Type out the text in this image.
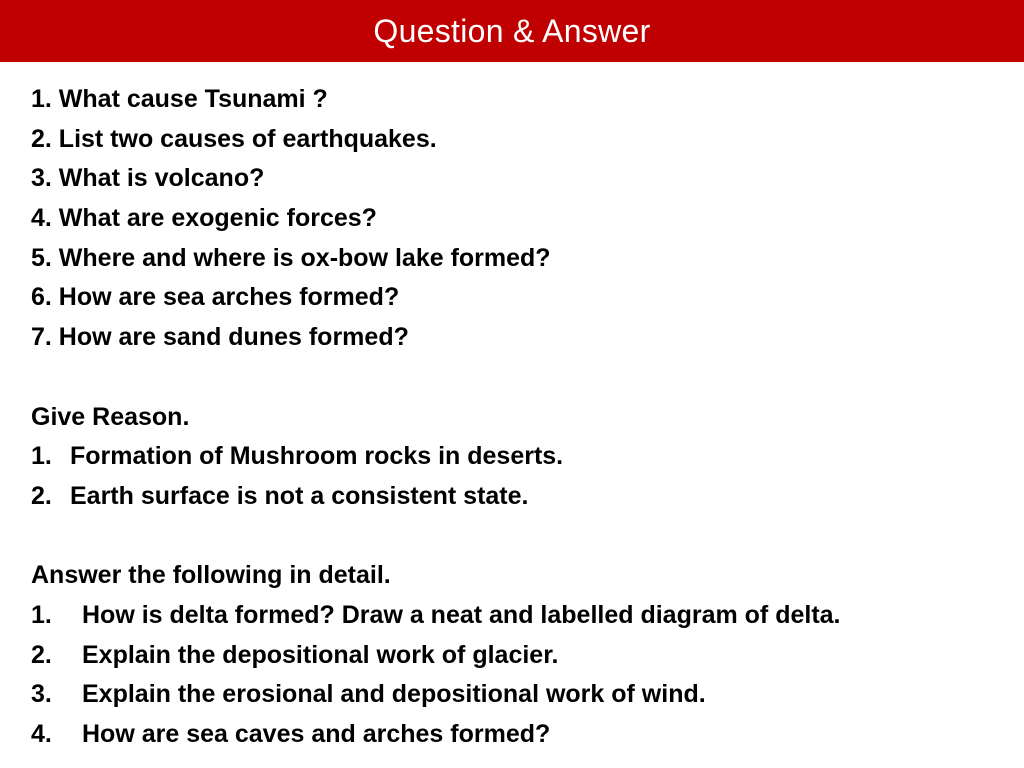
Question & Answer
1. What cause Tsunami ?
2. List two causes of earthquakes.
3. What is volcano?
4. What are exogenic forces?
5. Where and where is ox-bow lake formed?
6. How are sea arches formed?
7. How are sand dunes formed?
Give Reason.
1. Formation of Mushroom rocks in deserts.
2. Earth surface is not a consistent state.
Answer the following in detail.
1.	How is delta formed? Draw a neat and labelled diagram of delta.
2.	Explain the depositional work of glacier.
3.	Explain the erosional and depositional work of wind.
4.	How are sea caves and arches formed?
